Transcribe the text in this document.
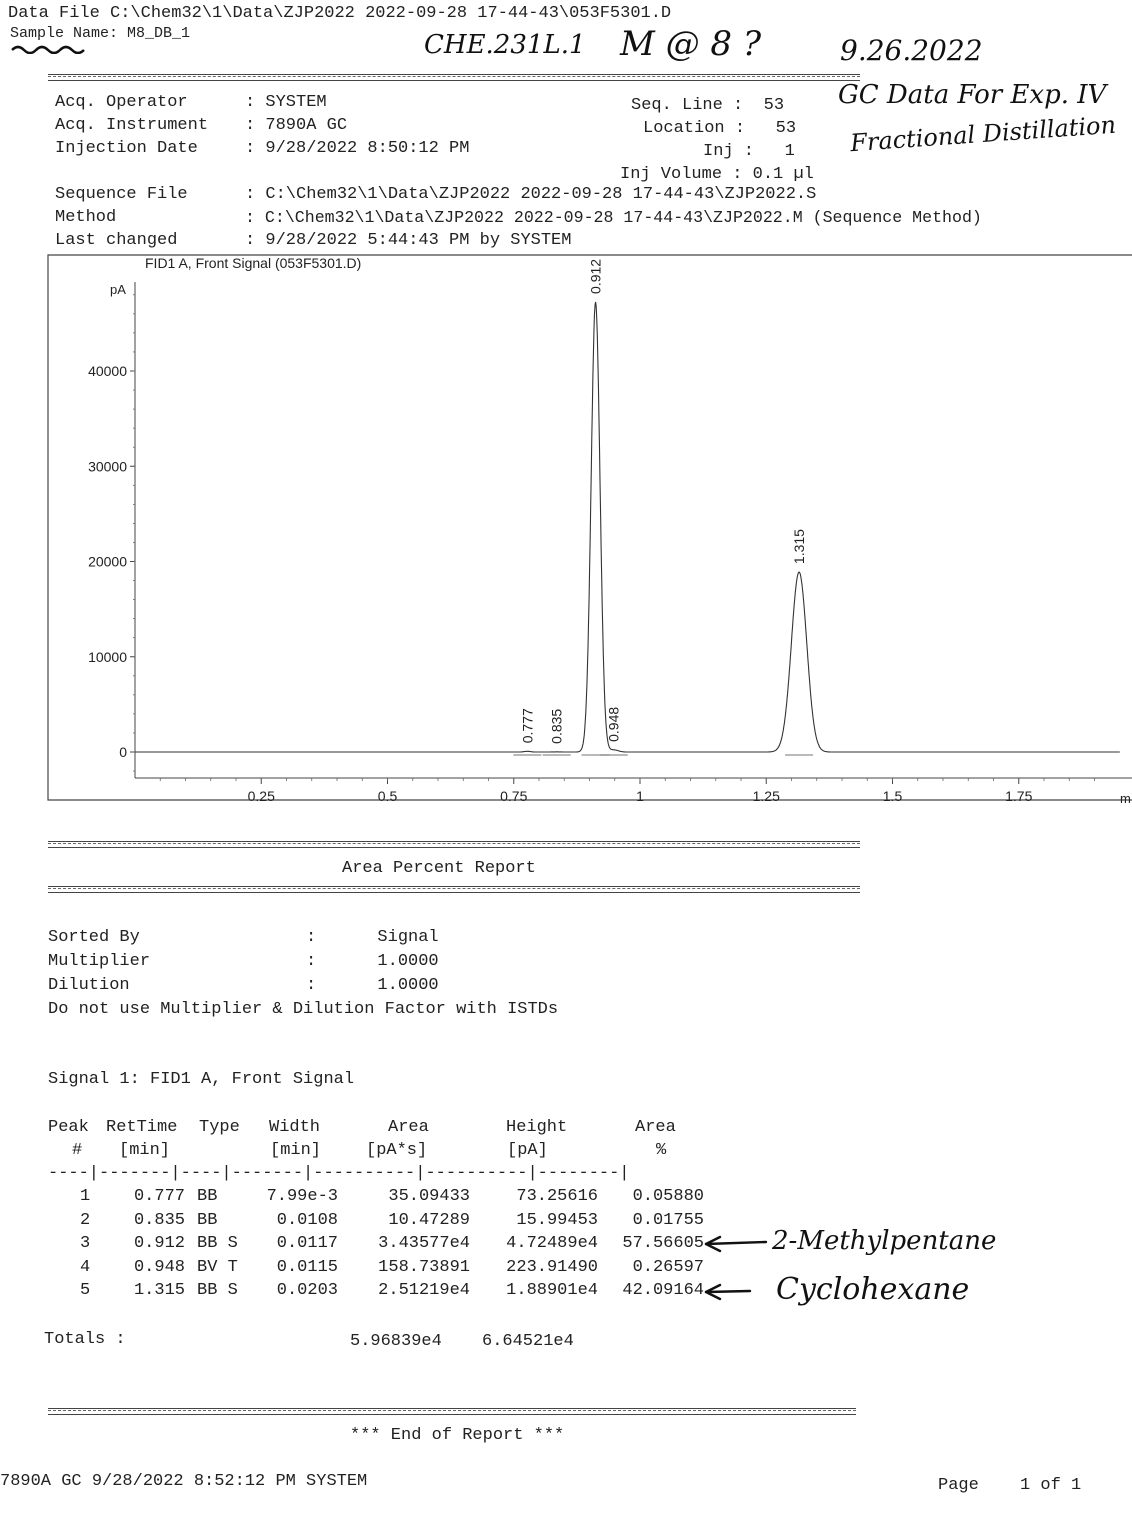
Data File C:\Chem32\1\Data\ZJP2022 2022-09-28 17-44-43\053F5301.D
Sample Name: M8_DB_1	CHE.231L.1 M @ 8 ?	9.26.2022
Acq. Operator	: SYSTEM
Acq. Instrument : 7890A GC
Injection Date	: 9/28/2022 8:50:12 PM
Seq. Line :  53
Location :   53
Inj :   1
Inj Volume : 0.1 µl
GC Data For Exp. IV
Fractional Distillation
Sequence File	: C:\Chem32\1\Data\ZJP2022 2022-09-28 17-44-43\ZJP2022.S
Method	: C:\Chem32\1\Data\ZJP2022 2022-09-28 17-44-43\ZJP2022.M (Sequence Method)
Last changed	: 9/28/2022 5:44:43 PM by SYSTEM
FID1 A, Front Signal (053F5301.D)
pA
0
10000
20000
30000
40000
0.25	0.5	0.75	1	1.25	1.5	1.75	m
0.777 0.835
0.912
0.948
1.315
Area Percent Report
Sorted By	:      Signal
Multiplier	:      1.0000
Dilution	:      1.0000
Do not use Multiplier & Dilution Factor with ISTDs
Signal 1: FID1 A, Front Signal
Peak RetTime Type Width	Area	Height	Area
# [min]	[min]	[pA*s]	[pA]	%
----|-------|----|-------|----------|----------|--------|
1	0.777 BB	7.99e-3	35.09433	73.25616 0.05880
2	0.835 BB	0.0108	10.47289	15.99453 0.01755
3	0.912 BB S 0.0117 3.43577e4 4.72489e4 57.56605
4	0.948 BV T 0.0115 158.73891 223.91490 0.26597
5	1.315 BB S 0.0203 2.51219e4 1.88901e4 42.09164
2-Methylpentane
Cyclohexane
Totals :	5.96839e4 6.64521e4
*** End of Report ***
7890A GC 9/28/2022 8:52:12 PM SYSTEM	Page 1 of 1
